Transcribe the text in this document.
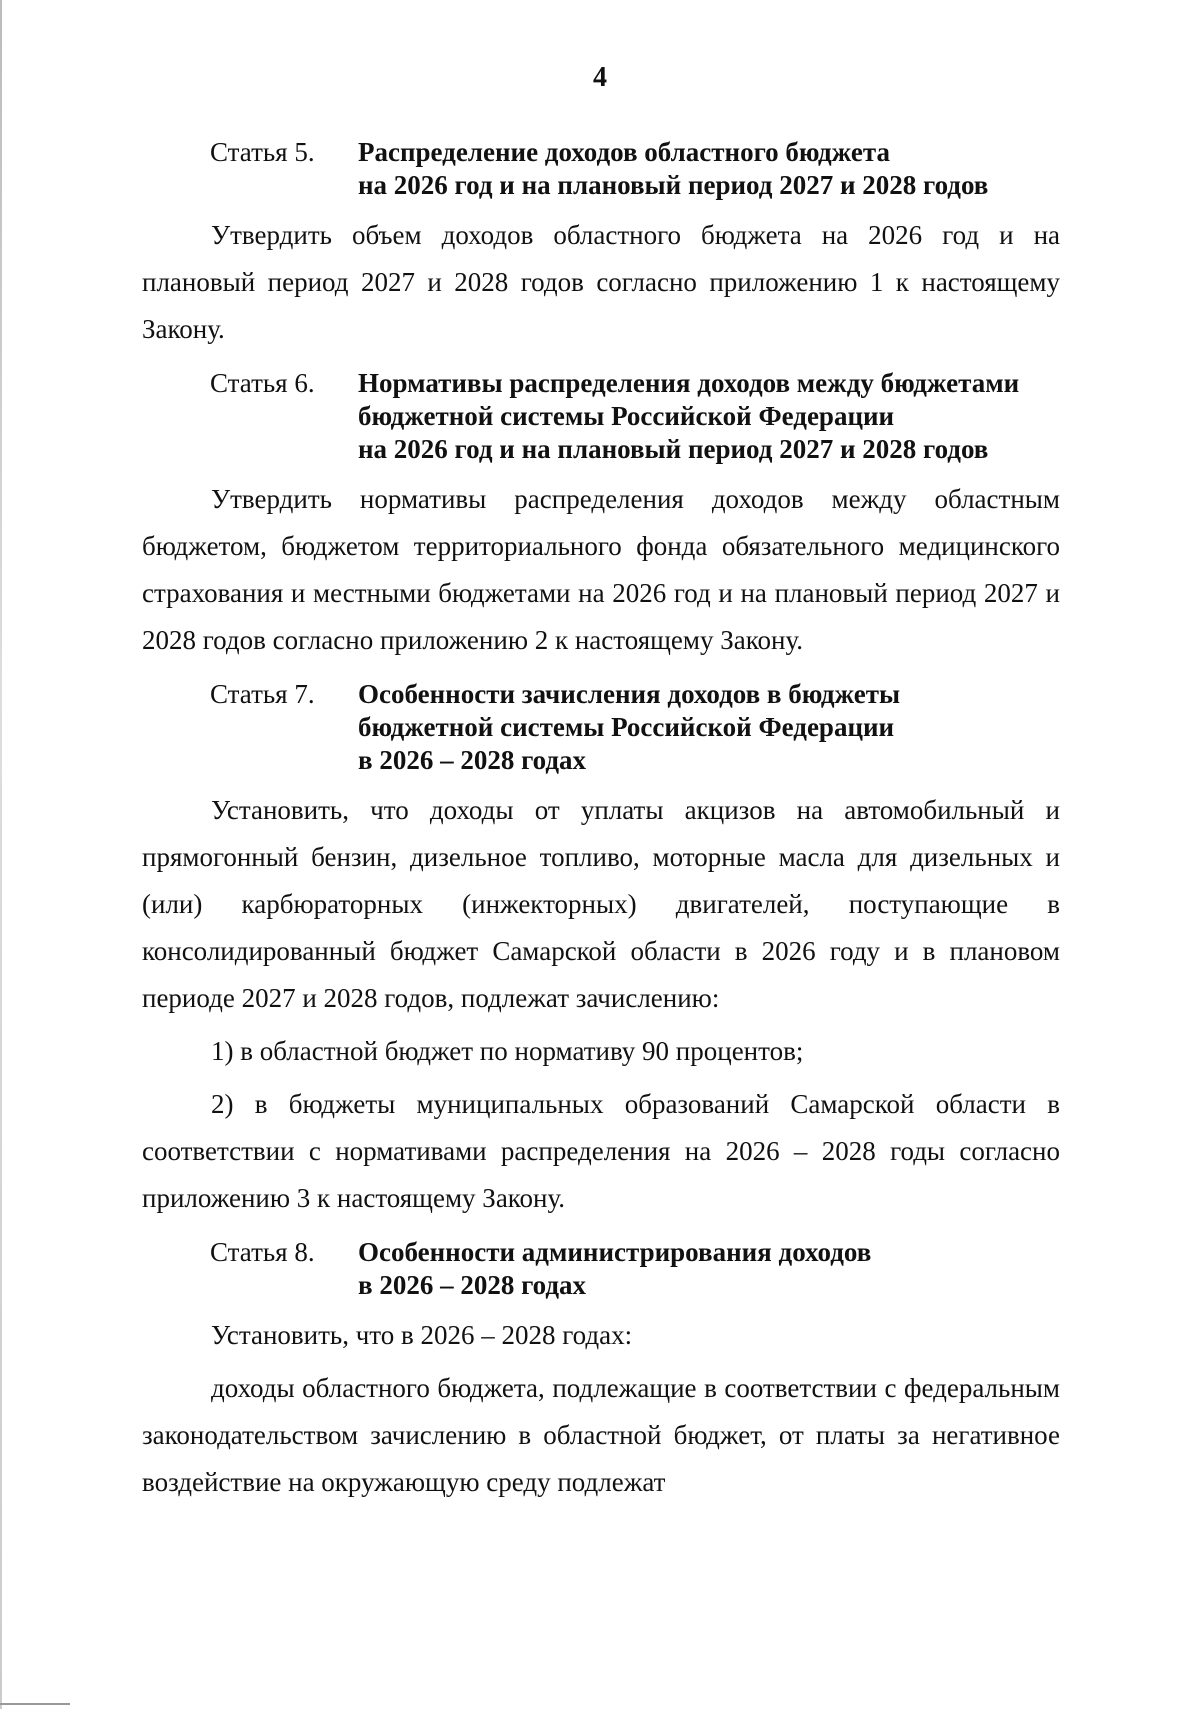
4
Статья 5.	Распределение доходов областного бюджета
на 2026 год и на плановый период 2027 и 2028 годов

Утвердить объем доходов областного бюджета на 2026 год и на плановый период 2027 и 2028 годов согласно приложению 1 к настоящему Закону.

Статья 6.	Нормативы распределения доходов между бюджетами
бюджетной системы Российской Федерации
на 2026 год и на плановый период 2027 и 2028 годов

Утвердить нормативы распределения доходов между областным бюджетом, бюджетом территориального фонда обязательного медицинского страхования и местными бюджетами на 2026 год и на плановый период 2027 и 2028 годов согласно приложению 2 к настоящему Закону.

Статья 7.	Особенности зачисления доходов в бюджеты
бюджетной системы Российской Федерации
в 2026 – 2028 годах

Установить, что доходы от уплаты акцизов на автомобильный и прямогонный бензин, дизельное топливо, моторные масла для дизельных и (или) карбюраторных (инжекторных) двигателей, поступающие в консолидированный бюджет Самарской области в 2026 году и в плановом периоде 2027 и 2028 годов, подлежат зачислению:

1) в областной бюджет по нормативу 90 процентов;

2) в бюджеты муниципальных образований Самарской области в соответствии с нормативами распределения на 2026 – 2028 годы согласно приложению 3 к настоящему Закону.

Статья 8.	Особенности администрирования доходов
в 2026 – 2028 годах

Установить, что в 2026 – 2028 годах:

доходы областного бюджета, подлежащие в соответствии с федеральным законодательством зачислению в областной бюджет, от платы за негативное воздействие на окружающую среду подлежат
